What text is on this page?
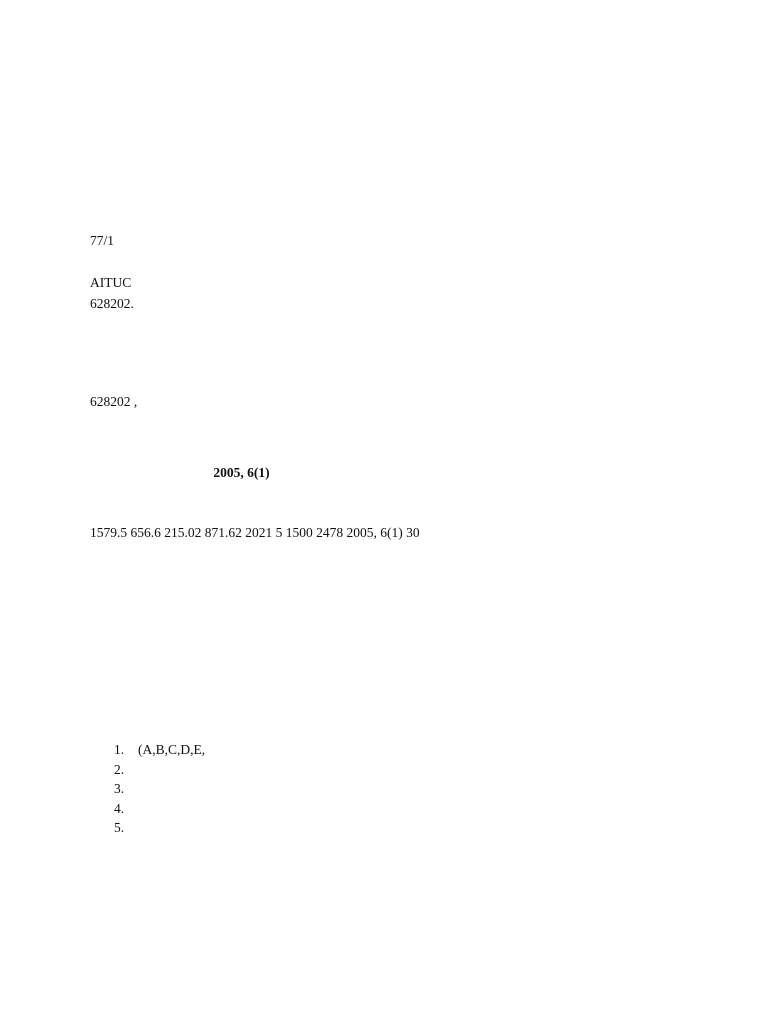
77/1
AITUC
628202.
628202 ,
2005, 6(1)
1579.5 656.6 215.02 871.62 2021 5 1500 2478 2005, 6(1) 30
1.	(A,B,C,D,E,
2.
3.
4.
5.
